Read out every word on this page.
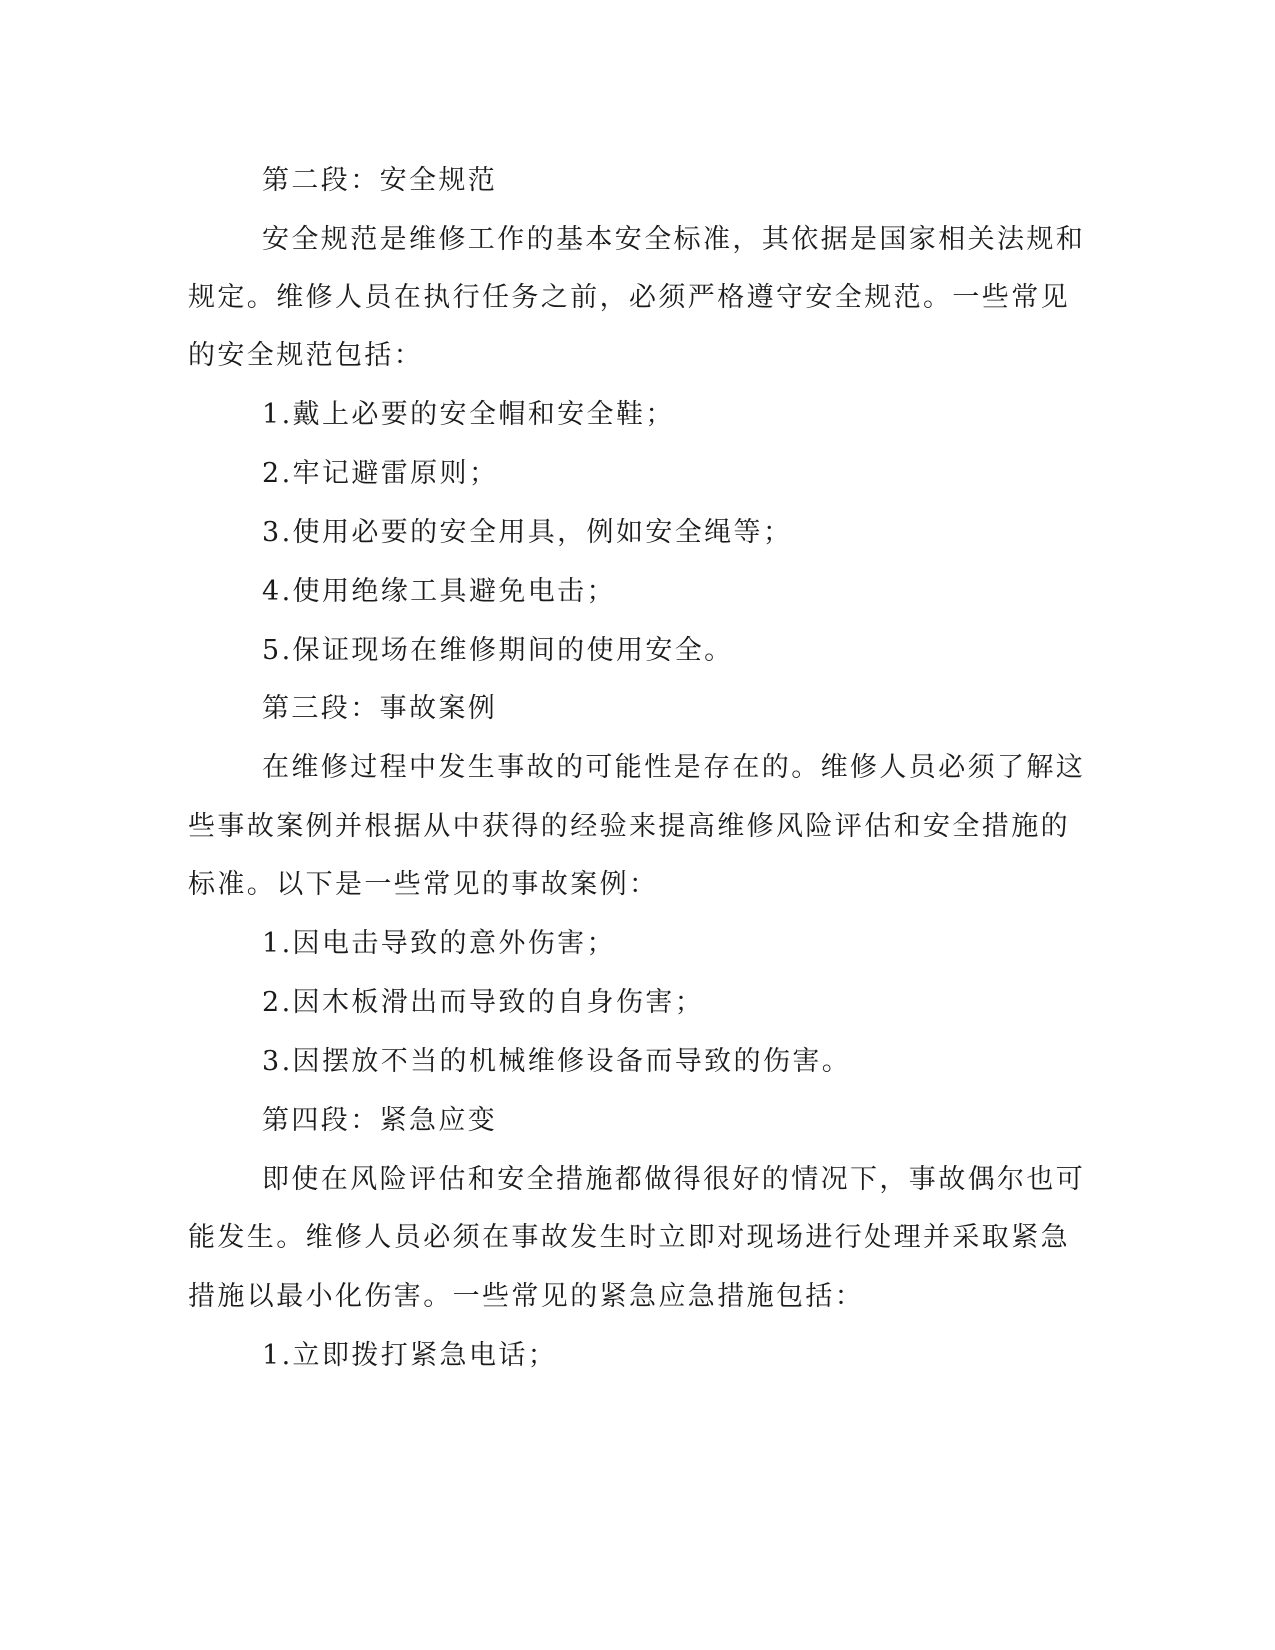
第二段：安全规范
安全规范是维修工作的基本安全标准，其依据是国家相关法规和
规定。维修人员在执行任务之前，必须严格遵守安全规范。一些常见
的安全规范包括：
1.戴上必要的安全帽和安全鞋；
2.牢记避雷原则；
3.使用必要的安全用具，例如安全绳等；
4.使用绝缘工具避免电击；
5.保证现场在维修期间的使用安全。
第三段：事故案例
在维修过程中发生事故的可能性是存在的。维修人员必须了解这
些事故案例并根据从中获得的经验来提高维修风险评估和安全措施的
标准。以下是一些常见的事故案例：
1.因电击导致的意外伤害；
2.因木板滑出而导致的自身伤害；
3.因摆放不当的机械维修设备而导致的伤害。
第四段：紧急应变
即使在风险评估和安全措施都做得很好的情况下，事故偶尔也可
能发生。维修人员必须在事故发生时立即对现场进行处理并采取紧急
措施以最小化伤害。一些常见的紧急应急措施包括：
1.立即拨打紧急电话；
